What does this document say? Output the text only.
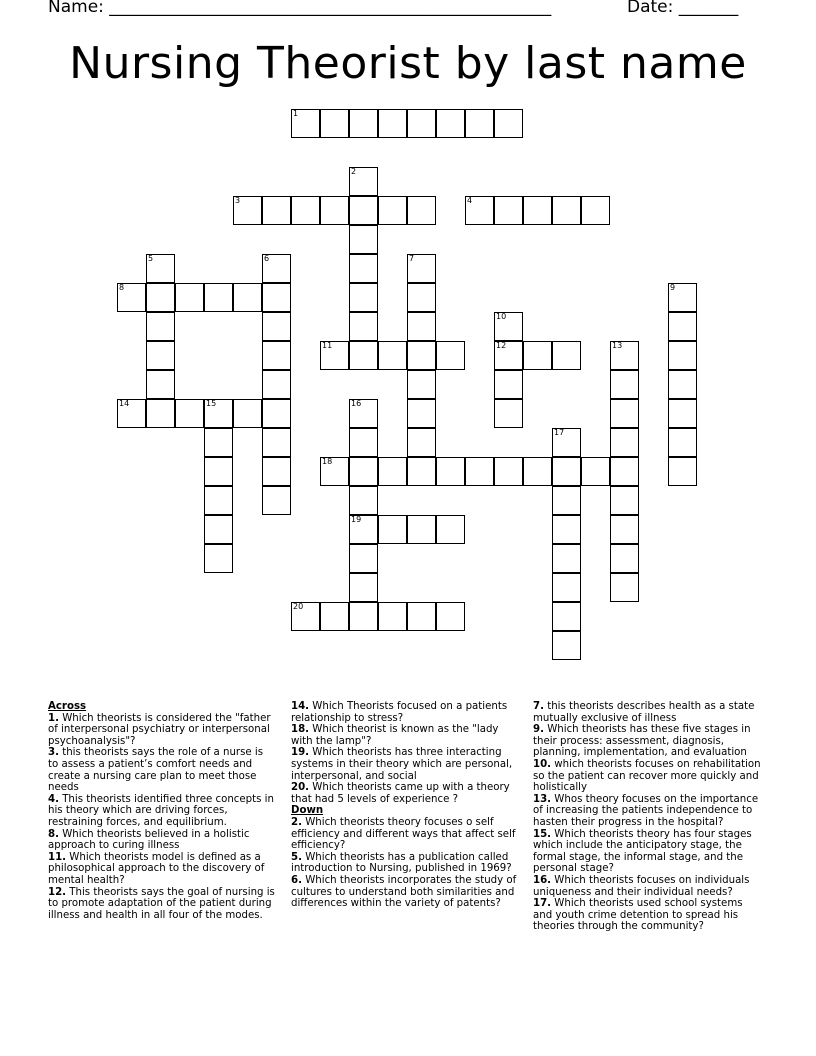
Name: ____________________________________________________	Date: _______
Nursing Theorist by last name
1
3	4
8
11	12
14	15
18
19
20
2
5	6	7
9
10
13
16
17
Across
1. Which theorists is considered the "father of interpersonal psychiatry or interpersonal psychoanalysis"?
3. this theorists says the role of a nurse is to assess a patient’s comfort needs and create a nursing care plan to meet those needs
4. This theorists identified three concepts in his theory which are driving forces, restraining forces, and equilibrium.
8. Which theorists believed in a holistic approach to curing illness
11. Which theorists model is defined as a philosophical approach to the discovery of mental health?
12. This theorists says the goal of nursing is to promote adaptation of the patient during illness and health in all four of the modes.
14. Which Theorists focused on a patients relationship to stress?
18. Which theorist is known as the "lady with the lamp"?
19. Which theorists has three interacting systems in their theory which are personal, interpersonal, and social
20. Which theorists came up with a theory that had 5 levels of experience ?
Down
2. Which theorists theory focuses o self efficiency and different ways that affect self efficiency?
5. Which theorists has a publication called introduction to Nursing, published in 1969?
6. Which theorists incorporates the study of cultures to understand both similarities and differences within the variety of patents?
7. this theorists describes health as a state mutually exclusive of illness
9. Which theorists has these five stages in their process: assessment, diagnosis, planning, implementation, and evaluation
10. which theorists focuses on rehabilitation so the patient can recover more quickly and holistically
13. Whos theory focuses on the importance of increasing the patients independence to hasten their progress in the hospital?
15. Which theorists theory has four stages which include the anticipatory stage, the formal stage, the informal stage, and the personal stage?
16. Which theorists focuses on individuals uniqueness and their individual needs?
17. Which theorists used school systems and youth crime detention to spread his theories through the community?
